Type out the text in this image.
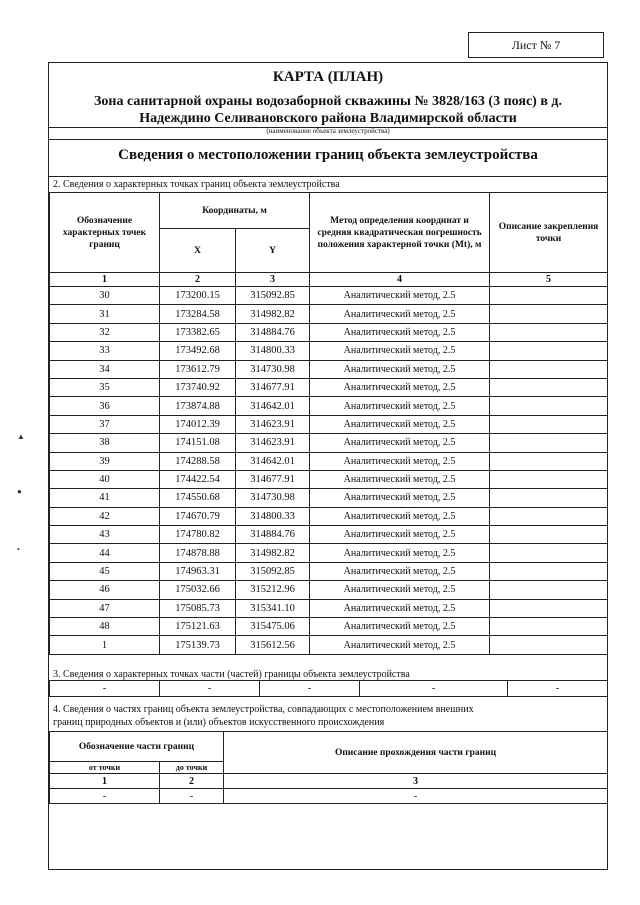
Лист № 7
КАРТА (ПЛАН)
Зона санитарной охраны водозаборной скважины № 3828/163 (3 пояс) в д.
Надеждино Селивановского района Владимирской области
(наименование объекта землеустройства)
Сведения о местоположении границ объекта землеустройства
2. Сведения о характерных точках границ объекта землеустройства
Обозначение характерных точек границ	Координаты, м		Метод определения координат и средняя квадратическая погрешность положения характерной точки (Mt), м	Описание закрепления точки
	X	Y		
1	2	3	4	5
30	173200.15	315092.85	Аналитический метод, 2.5	
31	173284.58	314982.82	Аналитический метод, 2.5	
32	173382.65	314884.76	Аналитический метод, 2.5	
33	173492.68	314800.33	Аналитический метод, 2.5	
34	173612.79	314730.98	Аналитический метод, 2.5	
35	173740.92	314677.91	Аналитический метод, 2.5	
36	173874.88	314642.01	Аналитический метод, 2.5	
37	174012.39	314623.91	Аналитический метод, 2.5	
38	174151.08	314623.91	Аналитический метод, 2.5	
39	174288.58	314642.01	Аналитический метод, 2.5	
40	174422.54	314677.91	Аналитический метод, 2.5	
41	174550.68	314730.98	Аналитический метод, 2.5	
42	174670.79	314800.33	Аналитический метод, 2.5	
43	174780.82	314884.76	Аналитический метод, 2.5	
44	174878.88	314982.82	Аналитический метод, 2.5	
45	174963.31	315092.85	Аналитический метод, 2.5	
46	175032.66	315212.96	Аналитический метод, 2.5	
47	175085.73	315341.10	Аналитический метод, 2.5	
48	175121.63	315475.06	Аналитический метод, 2.5	
1	175139.73	315612.56	Аналитический метод, 2.5	
3. Сведения о характерных точках части (частей) границы объекта землеустройства
-	-	-	-	-
4. Сведения о частях границ объекта землеустройства, совпадающих с местоположением внешних
границ природных объектов и (или) объектов искусственного происхождения
Обозначение части границ		Описание прохождения части границ
от точки	до точки	
1	2	3
-	-	-
▲
●
•
